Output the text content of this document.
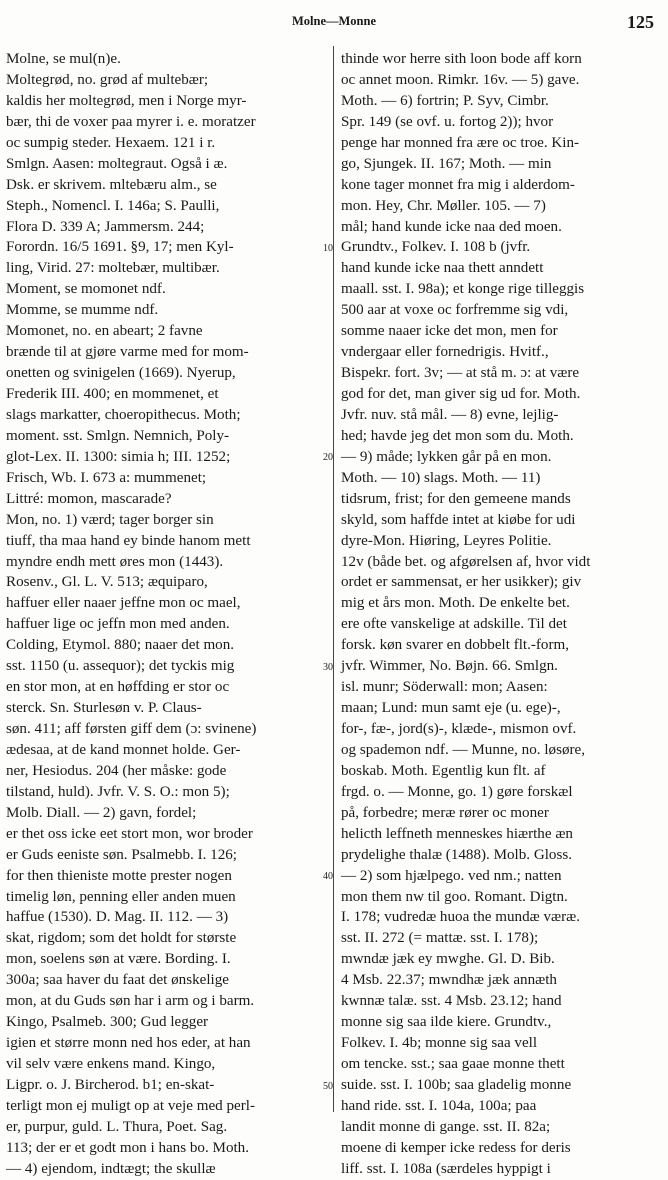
Molne—Monne	125
Molne, se mul(n)e.
Moltegrød, no. grød af multebær;
kaldis her moltegrød, men i Norge myr-
bær, thi de voxer paa myrer i. e. moratzer
oc sumpig steder. Hexaem. 121 i r.
Smlgn. Aasen: moltegraut. Også i æ.
Dsk. er skrivem. mltebæru alm., se
Steph., Nomencl. I. 146a; S. Paulli,
Flora D. 339 A; Jammersm. 244;
Forordn. 16/5 1691. §9, 17; men Kyl-
ling, Virid. 27: moltebær, multibær.
Moment, se momonet ndf.
Momme, se mumme ndf.
Momonet, no. en abeart; 2 favne
brænde til at gjøre varme med for mom-
onetten og svinigelen (1669). Nyerup,
Frederik III. 400; en mommenet, et
slags markatter, choeropithecus. Moth;
moment. sst. Smlgn. Nemnich, Poly-
glot-Lex. II. 1300: simia h; III. 1252;
Frisch, Wb. I. 673 a: mummenet;
Littré: momon, mascarade?
Mon, no. 1) værd; tager borger sin
tiuff, tha maa hand ey binde hanom mett
myndre endh mett øres mon (1443).
Rosenv., Gl. L. V. 513; æquiparo,
haffuer eller naaer jeffne mon oc mael,
haffuer lige oc jeffn mon med anden.
Colding, Etymol. 880; naaer det mon.
sst. 1150 (u. assequor); det tyckis mig
en stor mon, at en høffding er stor oc
sterck. Sn. Sturlesøn v. P. Claus-
søn. 411; aff førsten giff dem (ɔ: svinene)
ædesaa, at de kand monnet holde. Ger-
ner, Hesiodus. 204 (her måske: gode
tilstand, huld). Jvfr. V. S. O.: mon 5);
Molb. Diall. — 2) gavn, fordel;
er thet oss icke eet stort mon, wor broder
er Guds eeniste søn. Psalmebb. I. 126;
for then thieniste motte prester nogen
timelig løn, penning eller anden muen
haffue (1530). D. Mag. II. 112. — 3)
skat, rigdom; som det holdt for største
mon, soelens søn at være. Bording. I.
300a; saa haver du faat det ønskelige
mon, at du Guds søn har i arm og i barm.
Kingo, Psalmeb. 300; Gud legger
igien et større monn ned hos eder, at han
vil selv være enkens mand. Kingo,
Ligpr. o. J. Bircherod. b1; en-skat-
terligt mon ej muligt op at veje med perl-
er, purpur, guld. L. Thura, Poet. Sag.
113; der er et godt mon i hans bo. Moth.
— 4) ejendom, indtægt; the skullæ
thinde wor herre sith loon bode aff korn
oc annet moon. Rimkr. 16v. — 5) gave.
Moth. — 6) fortrin; P. Syv, Cimbr.
Spr. 149 (se ovf. u. fortog 2)); hvor
penge har monned fra ære oc troe. Kin-
go, Sjungek. II. 167; Moth. — min
kone tager monnet fra mig i alderdom-
mon. Hey, Chr. Møller. 105. — 7)
mål; hand kunde icke naa ded moen.
Grundtv., Folkev. I. 108 b (jvfr.
hand kunde icke naa thett anndett
maall. sst. I. 98a); et konge rige tilleggis
500 aar at voxe oc forfremme sig vdi,
somme naaer icke det mon, men for
vndergaar eller fornedrigis. Hvitf.,
Bispekr. fort. 3v; — at stå m. ɔ: at være
god for det, man giver sig ud for. Moth.
Jvfr. nuv. stå mål. — 8) evne, lejlig-
hed; havde jeg det mon som du. Moth.
— 9) måde; lykken går på en mon.
Moth. — 10) slags. Moth. — 11)
tidsrum, frist; for den gemeene mands
skyld, som haffde intet at kiøbe for udi
dyre-Mon. Hiøring, Leyres Politie.
12v (både bet. og afgørelsen af, hvor vidt
ordet er sammensat, er her usikker); giv
mig et års mon. Moth. De enkelte bet.
ere ofte vanskelige at adskille. Til det
forsk. køn svarer en dobbelt flt.-form,
jvfr. Wimmer, No. Bøjn. 66. Smlgn.
isl. munr; Söderwall: mon; Aasen:
maan; Lund: mun samt eje (u. ege)-,
for-, fæ-, jord(s)-, klæde-, mismon ovf.
og spademon ndf. — Munne, no. løsøre,
boskab. Moth. Egentlig kun flt. af
frgd. o. — Monne, go. 1) gøre forskæl
på, forbedre; meræ rører oc moner
helicth leffneth menneskes hiærthe æn
prydelighe thalæ (1488). Molb. Gloss.
— 2) som hjælpego. ved nm.; natten
mon them nw til goo. Romant. Digtn.
I. 178; vudredæ huoa the mundæ væræ.
sst. II. 272 (= mattæ. sst. I. 178);
mwndæ jæk ey mwghe. Gl. D. Bib.
4 Msb. 22.37; mwndhæ jæk annæth
kwnnæ talæ. sst. 4 Msb. 23.12; hand
monne sig saa ilde kiere. Grundtv.,
Folkev. I. 4b; monne sig saa vell
om tencke. sst.; saa gaae monne thett
suide. sst. I. 100b; saa gladelig monne
hand ride. sst. I. 104a, 100a; paa
landit monne di gange. sst. II. 82a;
moene di kemper icke redess for deris
liff. sst. I. 108a (særdeles hyppigt i
10
20
30
40
50
